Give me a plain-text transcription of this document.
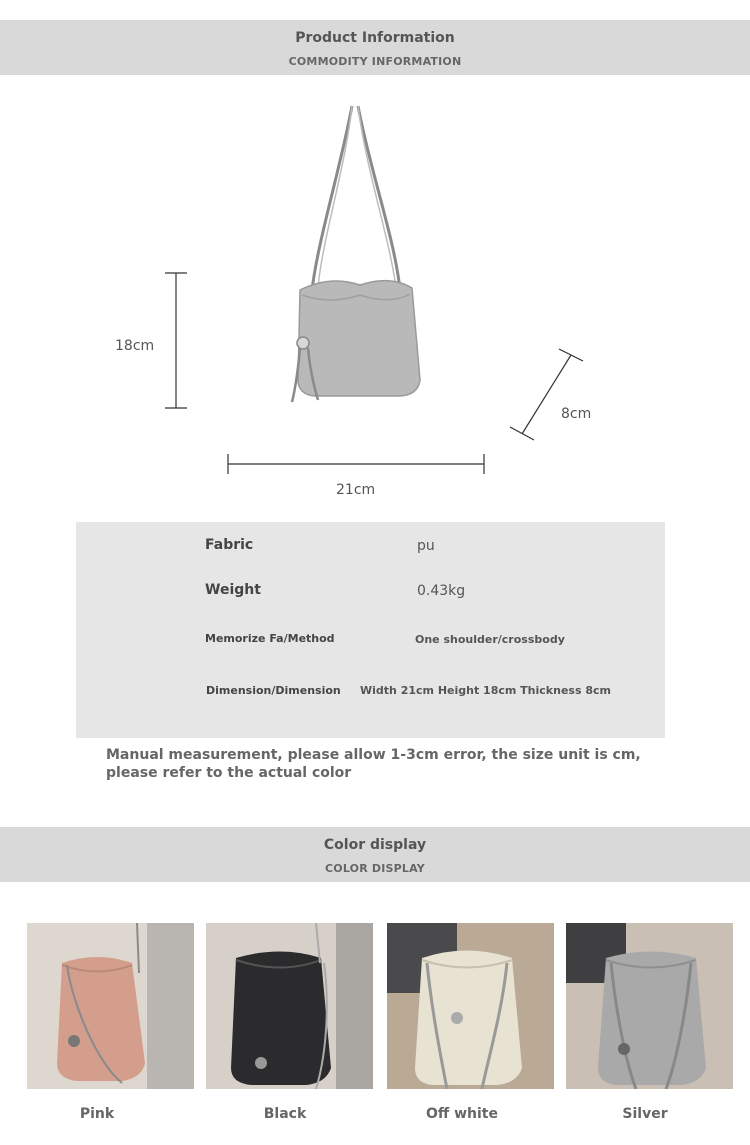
Product Information
COMMODITY INFORMATION
18cm
21cm
8cm
Fabric	pu
Weight	0.43kg
Memorize Fa/Method	One shoulder/crossbody
Dimension/Dimension Width 21cm Height 18cm Thickness 8cm
Manual measurement, please allow 1-3cm error, the size unit is cm, please refer to the actual color
Color display
COLOR DISPLAY
Pink	Black	Off white	Silver
